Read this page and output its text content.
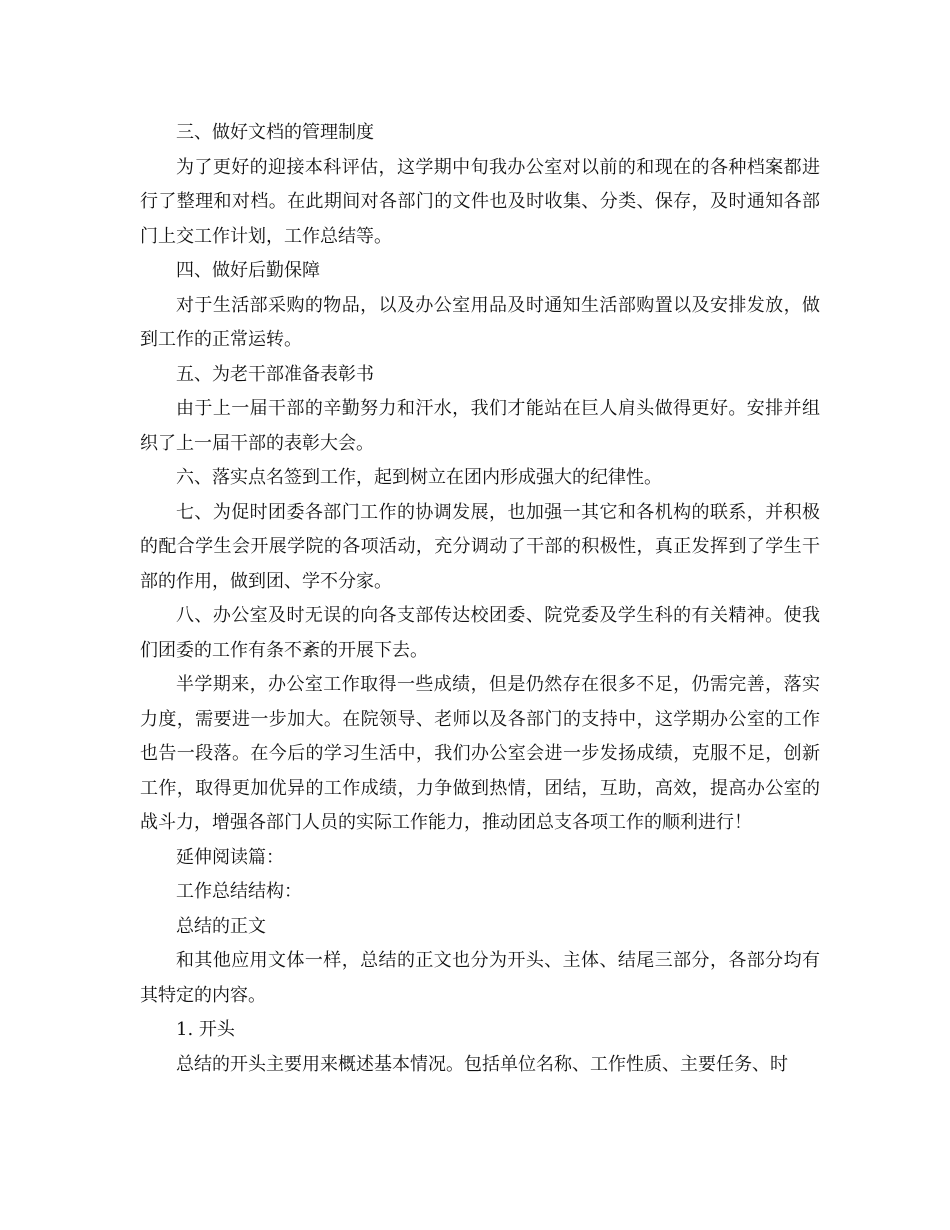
三、做好文档的管理制度

为了更好的迎接本科评估，这学期中旬我办公室对以前的和现在的各种档案都进行了整理和对档。在此期间对各部门的文件也及时收集、分类、保存，及时通知各部门上交工作计划，工作总结等。

四、做好后勤保障

对于生活部采购的物品，以及办公室用品及时通知生活部购置以及安排发放，做到工作的正常运转。

五、为老干部准备表彰书

由于上一届干部的辛勤努力和汗水，我们才能站在巨人肩头做得更好。安排并组织了上一届干部的表彰大会。

六、落实点名签到工作，起到树立在团内形成强大的纪律性。

七、为促时团委各部门工作的协调发展，也加强一其它和各机构的联系，并积极的配合学生会开展学院的各项活动，充分调动了干部的积极性，真正发挥到了学生干部的作用，做到团、学不分家。

八、办公室及时无误的向各支部传达校团委、院党委及学生科的有关精神。使我们团委的工作有条不紊的开展下去。

半学期来，办公室工作取得一些成绩，但是仍然存在很多不足，仍需完善，落实力度，需要进一步加大。在院领导、老师以及各部门的支持中，这学期办公室的工作也告一段落。在今后的学习生活中，我们办公室会进一步发扬成绩，克服不足，创新工作，取得更加优异的工作成绩，力争做到热情，团结，互助，高效，提高办公室的战斗力，增强各部门人员的实际工作能力，推动团总支各项工作的顺利进行！

延伸阅读篇：

工作总结结构：

总结的正文

和其他应用文体一样，总结的正文也分为开头、主体、结尾三部分，各部分均有其特定的内容。

1. 开头

总结的开头主要用来概述基本情况。包括单位名称、工作性质、主要任务、时
